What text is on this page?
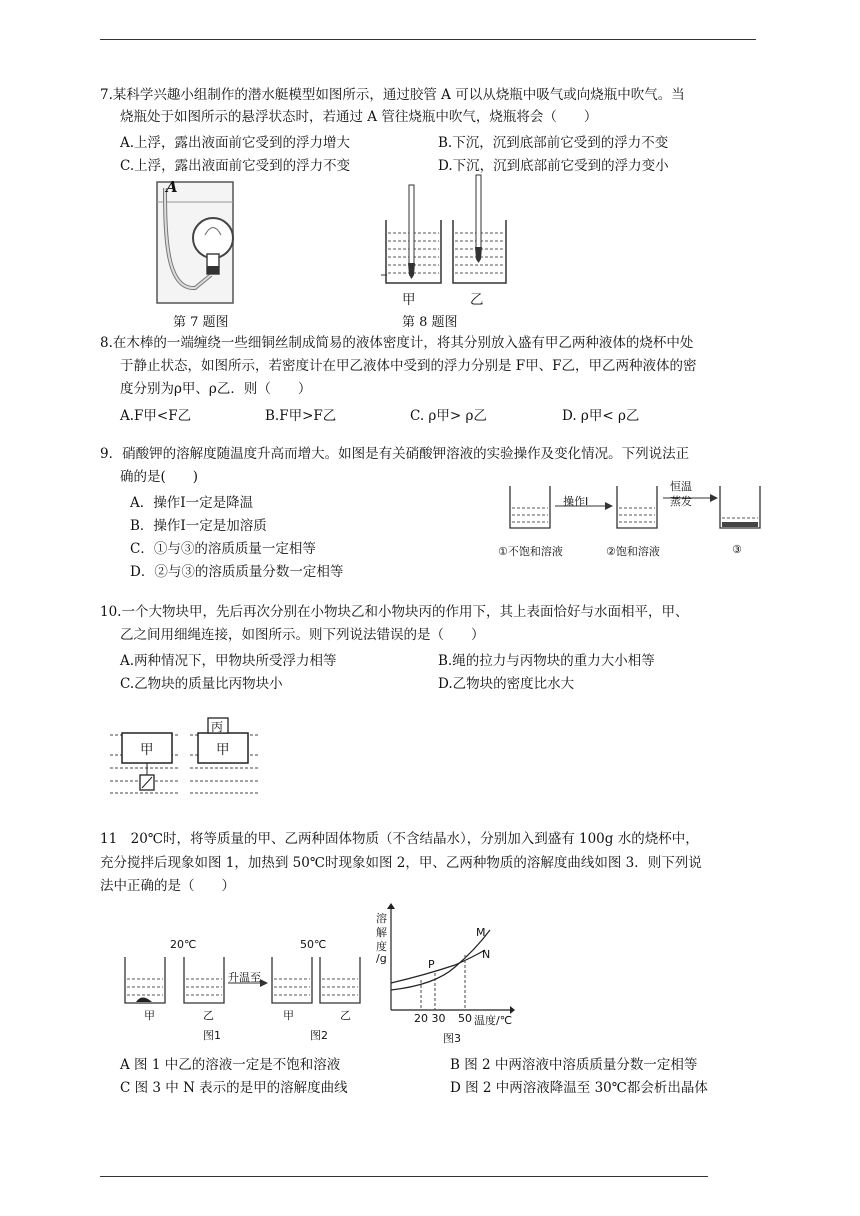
7.某科学兴趣小组制作的潜水艇模型如图所示，通过胶管 A 可以从烧瓶中吸气或向烧瓶中吹气。当
烧瓶处于如图所示的悬浮状态时，若通过 A 管往烧瓶中吹气，烧瓶将会（　　）
A.上浮，露出液面前它受到的浮力增大	B.下沉，沉到底部前它受到的浮力不变
C.上浮，露出液面前它受到的浮力不变	D.下沉，沉到底部前它受到的浮力变小
A
第 7 题图
甲	乙
第 8 题图
8.在木棒的一端缠绕一些细铜丝制成简易的液体密度计，将其分别放入盛有甲乙两种液体的烧杯中处
于静止状态，如图所示，若密度计在甲乙液体中受到的浮力分别是 F甲、F乙，甲乙两种液体的密
度分别为ρ甲、ρ乙．则（　　）
A.F甲<F乙	B.F甲>F乙	C. ρ甲> ρ乙	D. ρ甲< ρ乙
9．硝酸钾的溶解度随温度升高而增大。如图是有关硝酸钾溶液的实验操作及变化情况。下列说法正
确的是(　　)
A．操作Ⅰ一定是降温
B．操作Ⅰ一定是加溶质
C．①与③的溶质质量一定相等
D．②与③的溶质质量分数一定相等
操作Ⅰ
恒温
蒸发
①不饱和溶液	②饱和溶液	③
10.一个大物块甲，先后再次分别在小物块乙和小物块丙的作用下，其上表面恰好与水面相平，甲、
乙之间用细绳连接，如图所示。则下列说法错误的是（　　）
A.两种情况下，甲物块所受浮力相等	B.绳的拉力与丙物块的重力大小相等
C.乙物块的质量比丙物块小	D.乙物块的密度比水大
甲	甲
丙
11　20℃时，将等质量的甲、乙两种固体物质（不含结晶水），分别加入到盛有 100g 水的烧杯中，
充分搅拌后现象如图 1，加热到 50℃时现象如图 2，甲、乙两种物质的溶解度曲线如图 3．则下列说
法中正确的是（　　）
20℃	50℃
升温至
甲	乙	甲	乙
图1	图2
溶
解
度
/g	P
M
N
20 30 50 温度/℃
图3
A 图 1 中乙的溶液一定是不饱和溶液	B 图 2 中两溶液中溶质质量分数一定相等
C 图 3 中 N 表示的是甲的溶解度曲线	D 图 2 中两溶液降温至 30℃都会析出晶体
